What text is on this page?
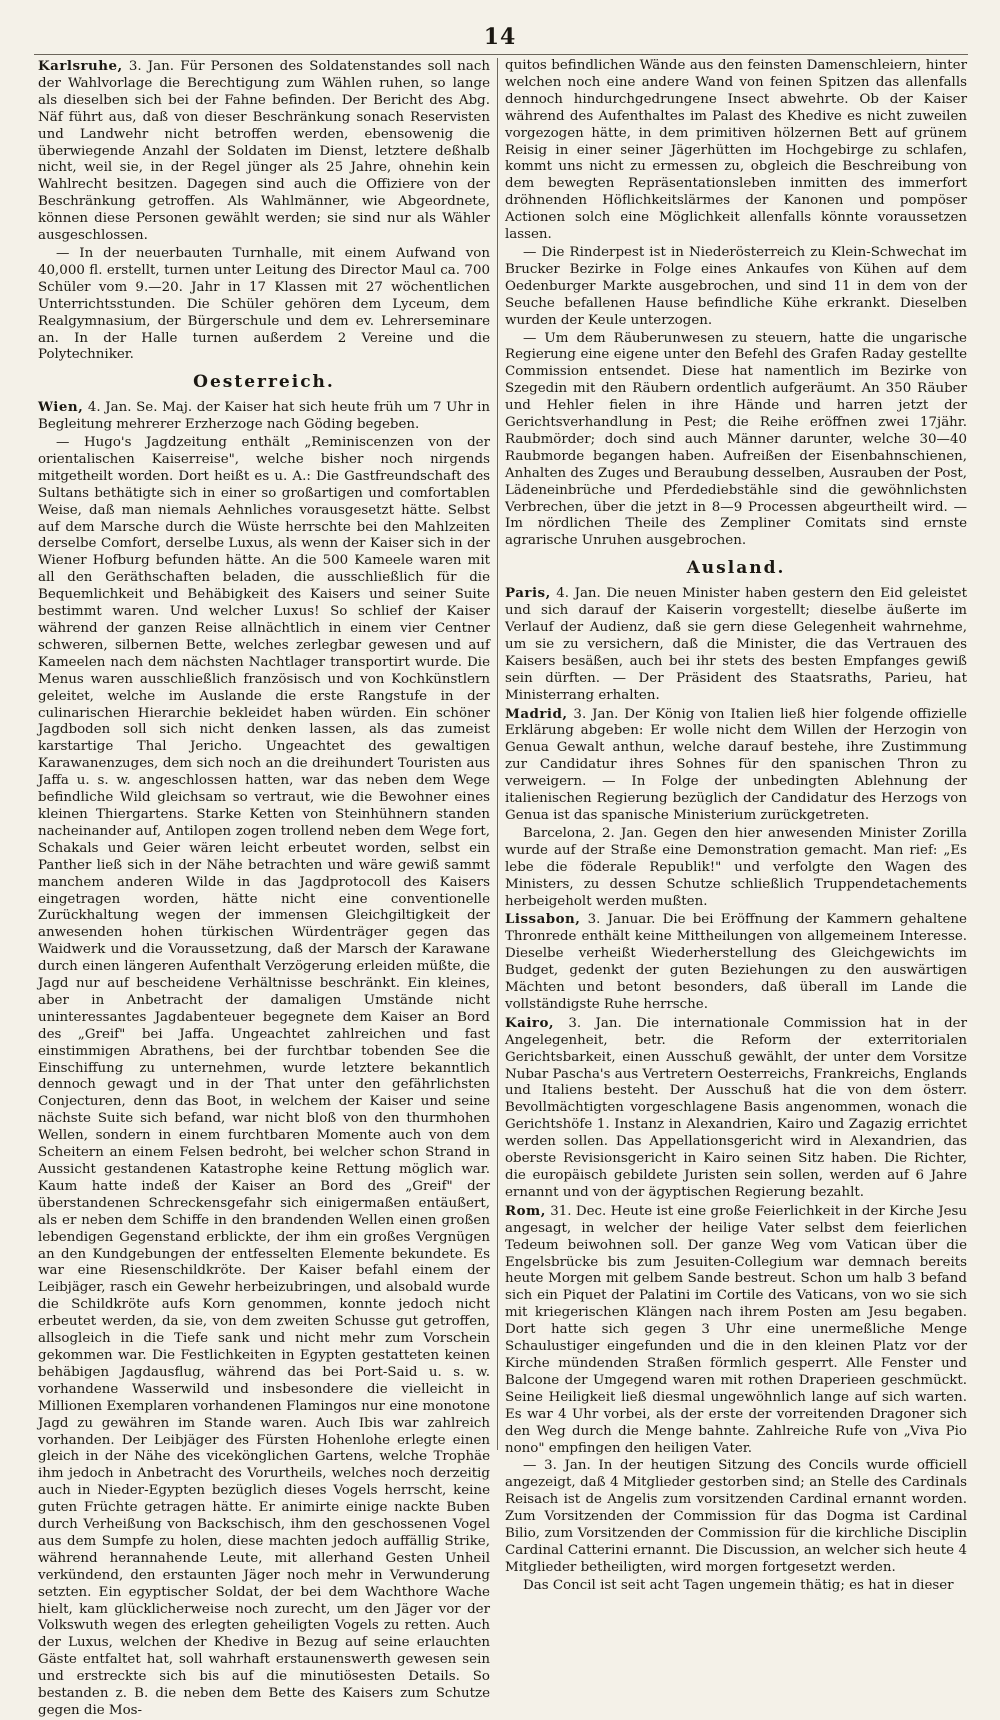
14

Karlsruhe, 3. Jan. Für Personen des Soldatenstandes soll nach der Wahlvorlage die Berechtigung zum Wählen ruhen, so lange als dieselben sich bei der Fahne befinden. Der Bericht des Abg. Näf führt aus, daß von dieser Beschränkung sonach Reservisten und Landwehr nicht betroffen werden, ebensowenig die überwiegende Anzahl der Soldaten im Dienst, letztere deßhalb nicht, weil sie, in der Regel jünger als 25 Jahre, ohnehin kein Wahlrecht besitzen. Dagegen sind auch die Offiziere von der Beschränkung getroffen. Als Wahlmänner, wie Abgeordnete, können diese Personen gewählt werden; sie sind nur als Wähler ausgeschlossen.

— In der neuerbauten Turnhalle, mit einem Aufwand von 40,000 fl. erstellt, turnen unter Leitung des Director Maul ca. 700 Schüler vom 9.—20. Jahr in 17 Klassen mit 27 wöchentlichen Unterrichtsstunden. Die Schüler gehören dem Lyceum, dem Realgymnasium, der Bürgerschule und dem ev. Lehrerseminare an. In der Halle turnen außerdem 2 Vereine und die Polytechniker.

Oesterreich.

Wien, 4. Jan. Se. Maj. der Kaiser hat sich heute früh um 7 Uhr in Begleitung mehrerer Erzherzoge nach Göding begeben.

— Hugo's Jagdzeitung enthält „Reminiscenzen von der orientalischen Kaiserreise", welche bisher noch nirgends mitgetheilt worden. Dort heißt es u. A.: Die Gastfreundschaft des Sultans bethätigte sich in einer so großartigen und comfortablen Weise, daß man niemals Aehnliches vorausgesetzt hätte. Selbst auf dem Marsche durch die Wüste herrschte bei den Mahlzeiten derselbe Comfort, derselbe Luxus, als wenn der Kaiser sich in der Wiener Hofburg befunden hätte. An die 500 Kameele waren mit all den Geräthschaften beladen, die ausschließlich für die Bequemlichkeit und Behäbigkeit des Kaisers und seiner Suite bestimmt waren. Und welcher Luxus! So schlief der Kaiser während der ganzen Reise allnächtlich in einem vier Centner schweren, silbernen Bette, welches zerlegbar gewesen und auf Kameelen nach dem nächsten Nachtlager transportirt wurde. Die Menus waren ausschließlich französisch und von Kochkünstlern geleitet, welche im Auslande die erste Rangstufe in der culinarischen Hierarchie bekleidet haben würden. Ein schöner Jagdboden soll sich nicht denken lassen, als das zumeist karstartige Thal Jericho. Ungeachtet des gewaltigen Karawanenzuges, dem sich noch an die dreihundert Touristen aus Jaffa u. s. w. angeschlossen hatten, war das neben dem Wege befindliche Wild gleichsam so vertraut, wie die Bewohner eines kleinen Thiergartens. Starke Ketten von Steinhühnern standen nacheinander auf, Antilopen zogen trollend neben dem Wege fort, Schakals und Geier wären leicht erbeutet worden, selbst ein Panther ließ sich in der Nähe betrachten und wäre gewiß sammt manchem anderen Wilde in das Jagdprotocoll des Kaisers eingetragen worden, hätte nicht eine conventionelle Zurückhaltung wegen der immensen Gleichgiltigkeit der anwesenden hohen türkischen Würdenträger gegen das Waidwerk und die Voraussetzung, daß der Marsch der Karawane durch einen längeren Aufenthalt Verzögerung erleiden müßte, die Jagd nur auf bescheidene Verhältnisse beschränkt. Ein kleines, aber in Anbetracht der damaligen Umstände nicht uninteressantes Jagdabenteuer begegnete dem Kaiser an Bord des „Greif" bei Jaffa. Ungeachtet zahlreichen und fast einstimmigen Abrathens, bei der furchtbar tobenden See die Einschiffung zu unternehmen, wurde letztere bekanntlich dennoch gewagt und in der That unter den gefährlichsten Conjecturen, denn das Boot, in welchem der Kaiser und seine nächste Suite sich befand, war nicht bloß von den thurmhohen Wellen, sondern in einem furchtbaren Momente auch von dem Scheitern an einem Felsen bedroht, bei welcher schon Strand in Aussicht gestandenen Katastrophe keine Rettung möglich war. Kaum hatte indeß der Kaiser an Bord des „Greif" der überstandenen Schreckensgefahr sich einigermaßen entäußert, als er neben dem Schiffe in den brandenden Wellen einen großen lebendigen Gegenstand erblickte, der ihm ein großes Vergnügen an den Kundgebungen der entfesselten Elemente bekundete. Es war eine Riesenschildkröte. Der Kaiser befahl einem der Leibjäger, rasch ein Gewehr herbeizubringen, und alsobald wurde die Schildkröte aufs Korn genommen, konnte jedoch nicht erbeutet werden, da sie, von dem zweiten Schusse gut getroffen, allsogleich in die Tiefe sank und nicht mehr zum Vorschein gekommen war. Die Festlichkeiten in Egypten gestatteten keinen behäbigen Jagdausflug, während das bei Port-Said u. s. w. vorhandene Wasserwild und insbesondere die vielleicht in Millionen Exemplaren vorhandenen Flamingos nur eine monotone Jagd zu gewähren im Stande waren. Auch Ibis war zahlreich vorhanden. Der Leibjäger des Fürsten Hohenlohe erlegte einen gleich in der Nähe des vicekönglichen Gartens, welche Trophäe ihm jedoch in Anbetracht des Vorurtheils, welches noch derzeitig auch in Nieder-Egypten bezüglich dieses Vogels herrscht, keine guten Früchte getragen hätte. Er animirte einige nackte Buben durch Verheißung von Backschisch, ihm den geschossenen Vogel aus dem Sumpfe zu holen, diese machten jedoch auffällig Strike, während herannahende Leute, mit allerhand Gesten Unheil verkündend, den erstaunten Jäger noch mehr in Verwunderung setzten. Ein egyptischer Soldat, der bei dem Wachthore Wache hielt, kam glücklicherweise noch zurecht, um den Jäger vor der Volkswuth wegen des erlegten geheiligten Vogels zu retten. Auch der Luxus, welchen der Khedive in Bezug auf seine erlauchten Gäste entfaltet hat, soll wahrhaft erstaunenswerth gewesen sein und erstreckte sich bis auf die minutiösesten Details. So bestanden z. B. die neben dem Bette des Kaisers zum Schutze gegen die Mos-

quitos befindlichen Wände aus den feinsten Damenschleiern, hinter welchen noch eine andere Wand von feinen Spitzen das allenfalls dennoch hindurchgedrungene Insect abwehrte. Ob der Kaiser während des Aufenthaltes im Palast des Khedive es nicht zuweilen vorgezogen hätte, in dem primitiven hölzernen Bett auf grünem Reisig in einer seiner Jägerhütten im Hochgebirge zu schlafen, kommt uns nicht zu ermessen zu, obgleich die Beschreibung von dem bewegten Repräsentationsleben inmitten des immerfort dröhnenden Höflichkeitslärmes der Kanonen und pompöser Actionen solch eine Möglichkeit allenfalls könnte voraussetzen lassen.

— Die Rinderpest ist in Niederösterreich zu Klein-Schwechat im Brucker Bezirke in Folge eines Ankaufes von Kühen auf dem Oedenburger Markte ausgebrochen, und sind 11 in dem von der Seuche befallenen Hause befindliche Kühe erkrankt. Dieselben wurden der Keule unterzogen.

— Um dem Räuberunwesen zu steuern, hatte die ungarische Regierung eine eigene unter den Befehl des Grafen Raday gestellte Commission entsendet. Diese hat namentlich im Bezirke von Szegedin mit den Räubern ordentlich aufgeräumt. An 350 Räuber und Hehler fielen in ihre Hände und harren jetzt der Gerichtsverhandlung in Pest; die Reihe eröffnen zwei 17jähr. Raubmörder; doch sind auch Männer darunter, welche 30—40 Raubmorde begangen haben. Aufreißen der Eisenbahnschienen, Anhalten des Zuges und Beraubung desselben, Ausrauben der Post, Lädeneinbrüche und Pferdediebstähle sind die gewöhnlichsten Verbrechen, über die jetzt in 8—9 Processen abgeurtheilt wird. — Im nördlichen Theile des Zempliner Comitats sind ernste agrarische Unruhen ausgebrochen.

Ausland.

Paris, 4. Jan. Die neuen Minister haben gestern den Eid geleistet und sich darauf der Kaiserin vorgestellt; dieselbe äußerte im Verlauf der Audienz, daß sie gern diese Gelegenheit wahrnehme, um sie zu versichern, daß die Minister, die das Vertrauen des Kaisers besäßen, auch bei ihr stets des besten Empfanges gewiß sein dürften. — Der Präsident des Staatsraths, Parieu, hat Ministerrang erhalten.

Madrid, 3. Jan. Der König von Italien ließ hier folgende offizielle Erklärung abgeben: Er wolle nicht dem Willen der Herzogin von Genua Gewalt anthun, welche darauf bestehe, ihre Zustimmung zur Candidatur ihres Sohnes für den spanischen Thron zu verweigern. — In Folge der unbedingten Ablehnung der italienischen Regierung bezüglich der Candidatur des Herzogs von Genua ist das spanische Ministerium zurückgetreten.

Barcelona, 2. Jan. Gegen den hier anwesenden Minister Zorilla wurde auf der Straße eine Demonstration gemacht. Man rief: „Es lebe die föderale Republik!" und verfolgte den Wagen des Ministers, zu dessen Schutze schließlich Truppendetachements herbeigeholt werden mußten.

Lissabon, 3. Januar. Die bei Eröffnung der Kammern gehaltene Thronrede enthält keine Mittheilungen von allgemeinem Interesse. Dieselbe verheißt Wiederherstellung des Gleichgewichts im Budget, gedenkt der guten Beziehungen zu den auswärtigen Mächten und betont besonders, daß überall im Lande die vollständigste Ruhe herrsche.

Kairo, 3. Jan. Die internationale Commission hat in der Angelegenheit, betr. die Reform der exterritorialen Gerichtsbarkeit, einen Ausschuß gewählt, der unter dem Vorsitze Nubar Pascha's aus Vertretern Oesterreichs, Frankreichs, Englands und Italiens besteht. Der Ausschuß hat die von dem österr. Bevollmächtigten vorgeschlagene Basis angenommen, wonach die Gerichtshöfe 1. Instanz in Alexandrien, Kairo und Zagazig errichtet werden sollen. Das Appellationsgericht wird in Alexandrien, das oberste Revisionsgericht in Kairo seinen Sitz haben. Die Richter, die europäisch gebildete Juristen sein sollen, werden auf 6 Jahre ernannt und von der ägyptischen Regierung bezahlt.

Rom, 31. Dec. Heute ist eine große Feierlichkeit in der Kirche Jesu angesagt, in welcher der heilige Vater selbst dem feierlichen Tedeum beiwohnen soll. Der ganze Weg vom Vatican über die Engelsbrücke bis zum Jesuiten-Collegium war demnach bereits heute Morgen mit gelbem Sande bestreut. Schon um halb 3 befand sich ein Piquet der Palatini im Cortile des Vaticans, von wo sie sich mit kriegerischen Klängen nach ihrem Posten am Jesu begaben. Dort hatte sich gegen 3 Uhr eine unermeßliche Menge Schaulustiger eingefunden und die in den kleinen Platz vor der Kirche mündenden Straßen förmlich gesperrt. Alle Fenster und Balcone der Umgegend waren mit rothen Draperieen geschmückt. Seine Heiligkeit ließ diesmal ungewöhnlich lange auf sich warten. Es war 4 Uhr vorbei, als der erste der vorreitenden Dragoner sich den Weg durch die Menge bahnte. Zahlreiche Rufe von „Viva Pio nono" empfingen den heiligen Vater.

— 3. Jan. In der heutigen Sitzung des Concils wurde officiell angezeigt, daß 4 Mitglieder gestorben sind; an Stelle des Cardinals Reisach ist de Angelis zum vorsitzenden Cardinal ernannt worden. Zum Vorsitzenden der Commission für das Dogma ist Cardinal Bilio, zum Vorsitzenden der Commission für die kirchliche Disciplin Cardinal Catterini ernannt. Die Discussion, an welcher sich heute 4 Mitglieder betheiligten, wird morgen fortgesetzt werden.

Das Concil ist seit acht Tagen ungemein thätig; es hat in dieser
